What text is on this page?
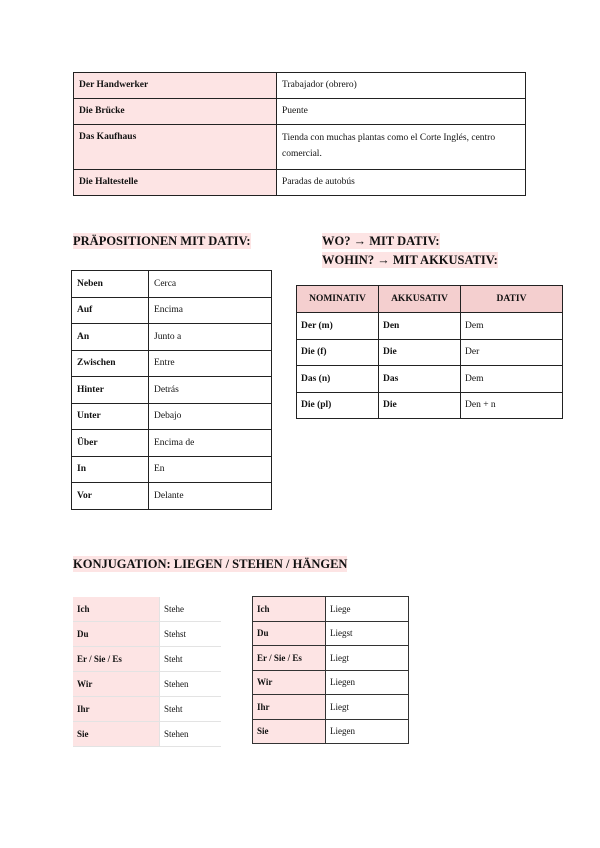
Der Handwerker	Trabajador (obrero)
Die Brücke	Puente
Das Kaufhaus	Tienda con muchas plantas como el Corte Inglés, centro comercial.
Die Haltestelle	Paradas de autobús
PRÄPOSITIONEN MIT DATIV:	WO? → MIT DATIV:
WOHIN? → MIT AKKUSATIV:
Neben	Cerca
Auf	Encima
An	Junto a
Zwischen	Entre
Hinter	Detrás
Unter	Debajo
Über	Encima de
In	En
Vor	Delante
NOMINATIV	AKKUSATIV	DATIV
Der (m)	Den	Dem
Die (f)	Die	Der
Das (n)	Das	Dem
Die (pl)	Die	Den + n
KONJUGATION: LIEGEN / STEHEN / HÄNGEN
Ich	Stehe
Du	Stehst
Er / Sie / Es	Steht
Wir	Stehen
Ihr	Steht
Sie	Stehen
Ich	Liege
Du	Liegst
Er / Sie / Es	Liegt
Wir	Liegen
Ihr	Liegt
Sie	Liegen
